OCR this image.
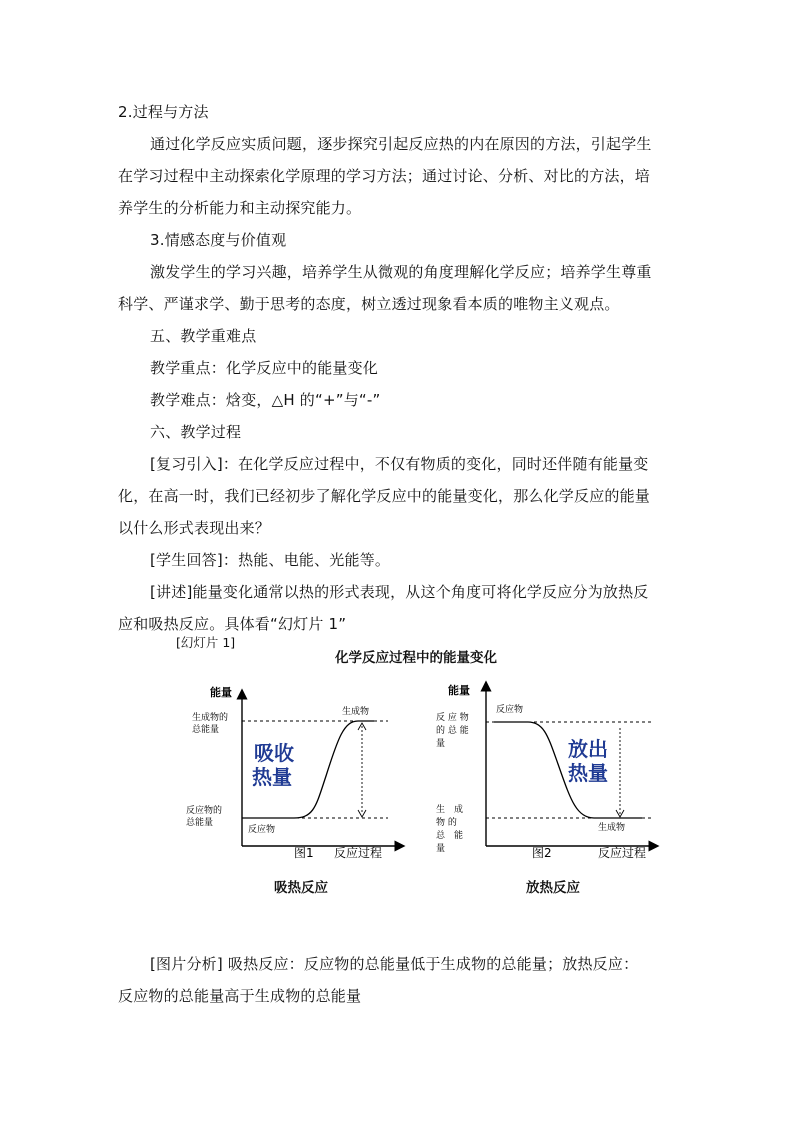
2.过程与方法
通过化学反应实质问题，逐步探究引起反应热的内在原因的方法，引起学生
在学习过程中主动探索化学原理的学习方法；通过讨论、分析、对比的方法，培
养学生的分析能力和主动探究能力。
3.情感态度与价值观
激发学生的学习兴趣，培养学生从微观的角度理解化学反应；培养学生尊重
科学、严谨求学、勤于思考的态度，树立透过现象看本质的唯物主义观点。
五、教学重难点
教学重点：化学反应中的能量变化
教学难点：焓变，△H 的“+”与“-”
六、教学过程
[复习引入]：在化学反应过程中，不仅有物质的变化，同时还伴随有能量变
化，在高一时，我们已经初步了解化学反应中的能量变化，那么化学反应的能量
以什么形式表现出来？
[学生回答]：热能、电能、光能等。
[讲述]能量变化通常以热的形式表现，从这个角度可将化学反应分为放热反
应和吸热反应。具体看“幻灯片 1”
[幻灯片 1]
化学反应过程中的能量变化
能量
生成物的
总能量
反应物的
总能量
生成物
反应物
吸收
热量
图1 反应过程
吸热反应
能量
反 应 物
的 总 能
量
生　成
物 的
总　能
量
反应物
生成物
放出
热量
图2	反应过程
放热反应
[图片分析] 吸热反应：反应物的总能量低于生成物的总能量；放热反应：
反应物的总能量高于生成物的总能量
